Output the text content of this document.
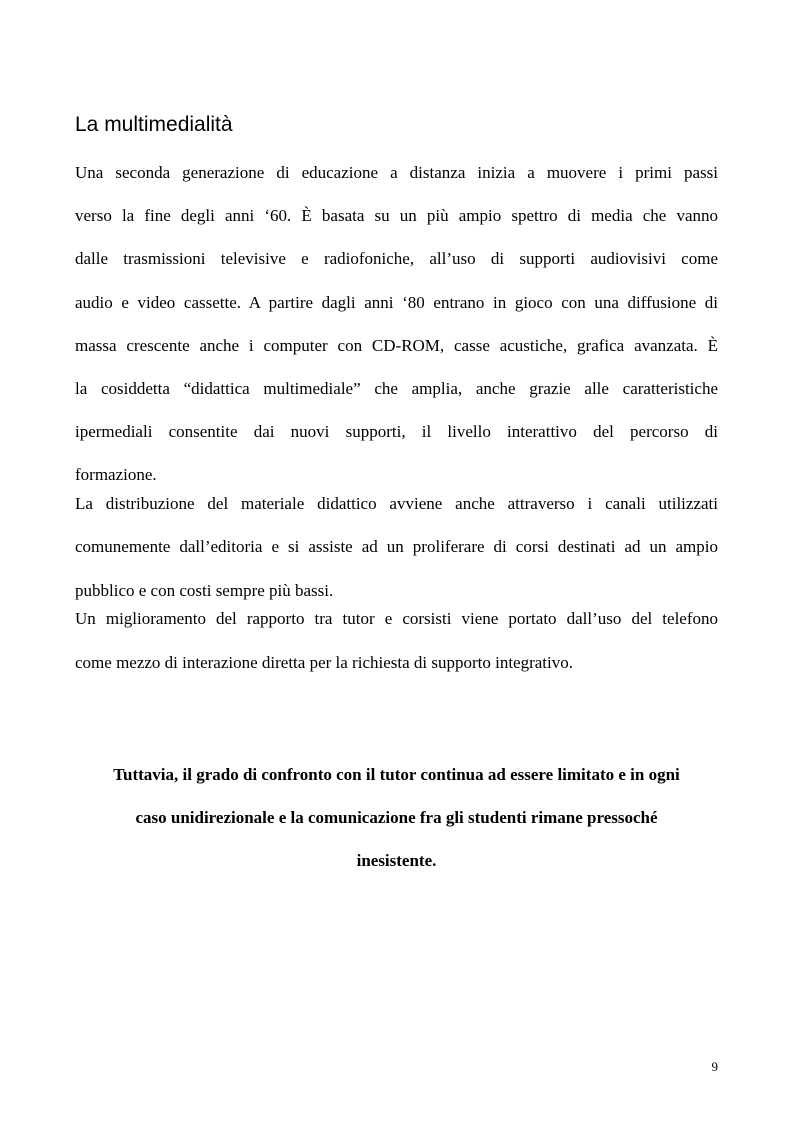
La multimedialità

Una seconda generazione di educazione a distanza inizia a muovere i primi passi
verso la fine degli anni ‘60. È basata su un più ampio spettro di media che vanno
dalle trasmissioni televisive e radiofoniche, all’uso di supporti audiovisivi come
audio e video cassette. A partire dagli anni ‘80 entrano in gioco con una diffusione di
massa crescente anche i computer con CD-ROM, casse acustiche, grafica avanzata. È
la cosiddetta “didattica multimediale” che amplia, anche grazie alle caratteristiche
ipermediali consentite dai nuovi supporti, il livello interattivo del percorso di
formazione.

La distribuzione del materiale didattico avviene anche attraverso i canali utilizzati
comunemente dall’editoria e si assiste ad un proliferare di corsi destinati ad un ampio
pubblico e con costi sempre più bassi.

Un miglioramento del rapporto tra tutor e corsisti viene portato dall’uso del telefono
come mezzo di interazione diretta per la richiesta di supporto integrativo.

Tuttavia, il grado di confronto con il tutor continua ad essere limitato e in ogni
caso unidirezionale e la comunicazione fra gli studenti rimane pressoché
inesistente.
9
